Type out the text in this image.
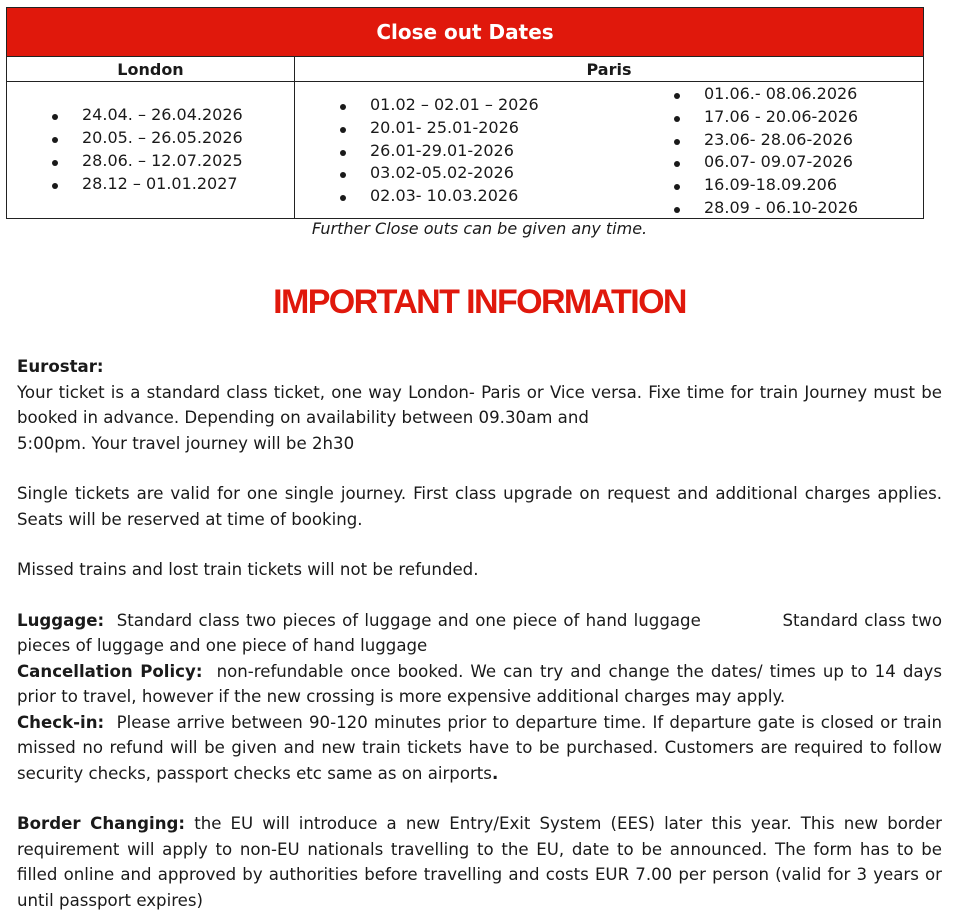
Close out Dates
London	Paris
24.04. – 26.04.2026
20.05. – 26.05.2026
28.06. – 12.07.2025
28.12 – 01.01.2027
01.02 – 02.01 – 2026
20.01- 25.01-2026
26.01-29.01-2026
03.02-05.02-2026
02.03- 10.03.2026
01.06.- 08.06.2026
17.06 - 20.06-2026
23.06- 28.06-2026
06.07- 09.07-2026
16.09-18.09.206
28.09 - 06.10-2026
Further Close outs can be given any time.
IMPORTANT INFORMATION

Eurostar:

Your ticket is a standard class ticket, one way London- Paris or Vice versa. Fixe time for train Journey must be booked in advance. Depending on availability between 09.30am and

5:00pm. Your travel journey will be 2h30

Single tickets are valid for one single journey. First class upgrade on request and additional charges applies. Seats will be reserved at time of booking.

Missed trains and lost train tickets will not be refunded.

Luggage: Standard class two pieces of luggage and one piece of hand luggage	Standard class two pieces of luggage and one piece of hand luggage

Cancellation Policy: non-refundable once booked. We can try and change the dates/ times up to 14 days prior to travel, however if the new crossing is more expensive additional charges may apply.

Check-in: Please arrive between 90-120 minutes prior to departure time. If departure gate is closed or train missed no refund will be given and new train tickets have to be purchased. Customers are required to follow security checks, passport checks etc same as on airports.

Border Changing: the EU will introduce a new Entry/Exit System (EES) later this year. This new border requirement will apply to non-EU nationals travelling to the EU, date to be announced. The form has to be filled online and approved by authorities before travelling and costs EUR 7.00 per person (valid for 3 years or until passport expires)
